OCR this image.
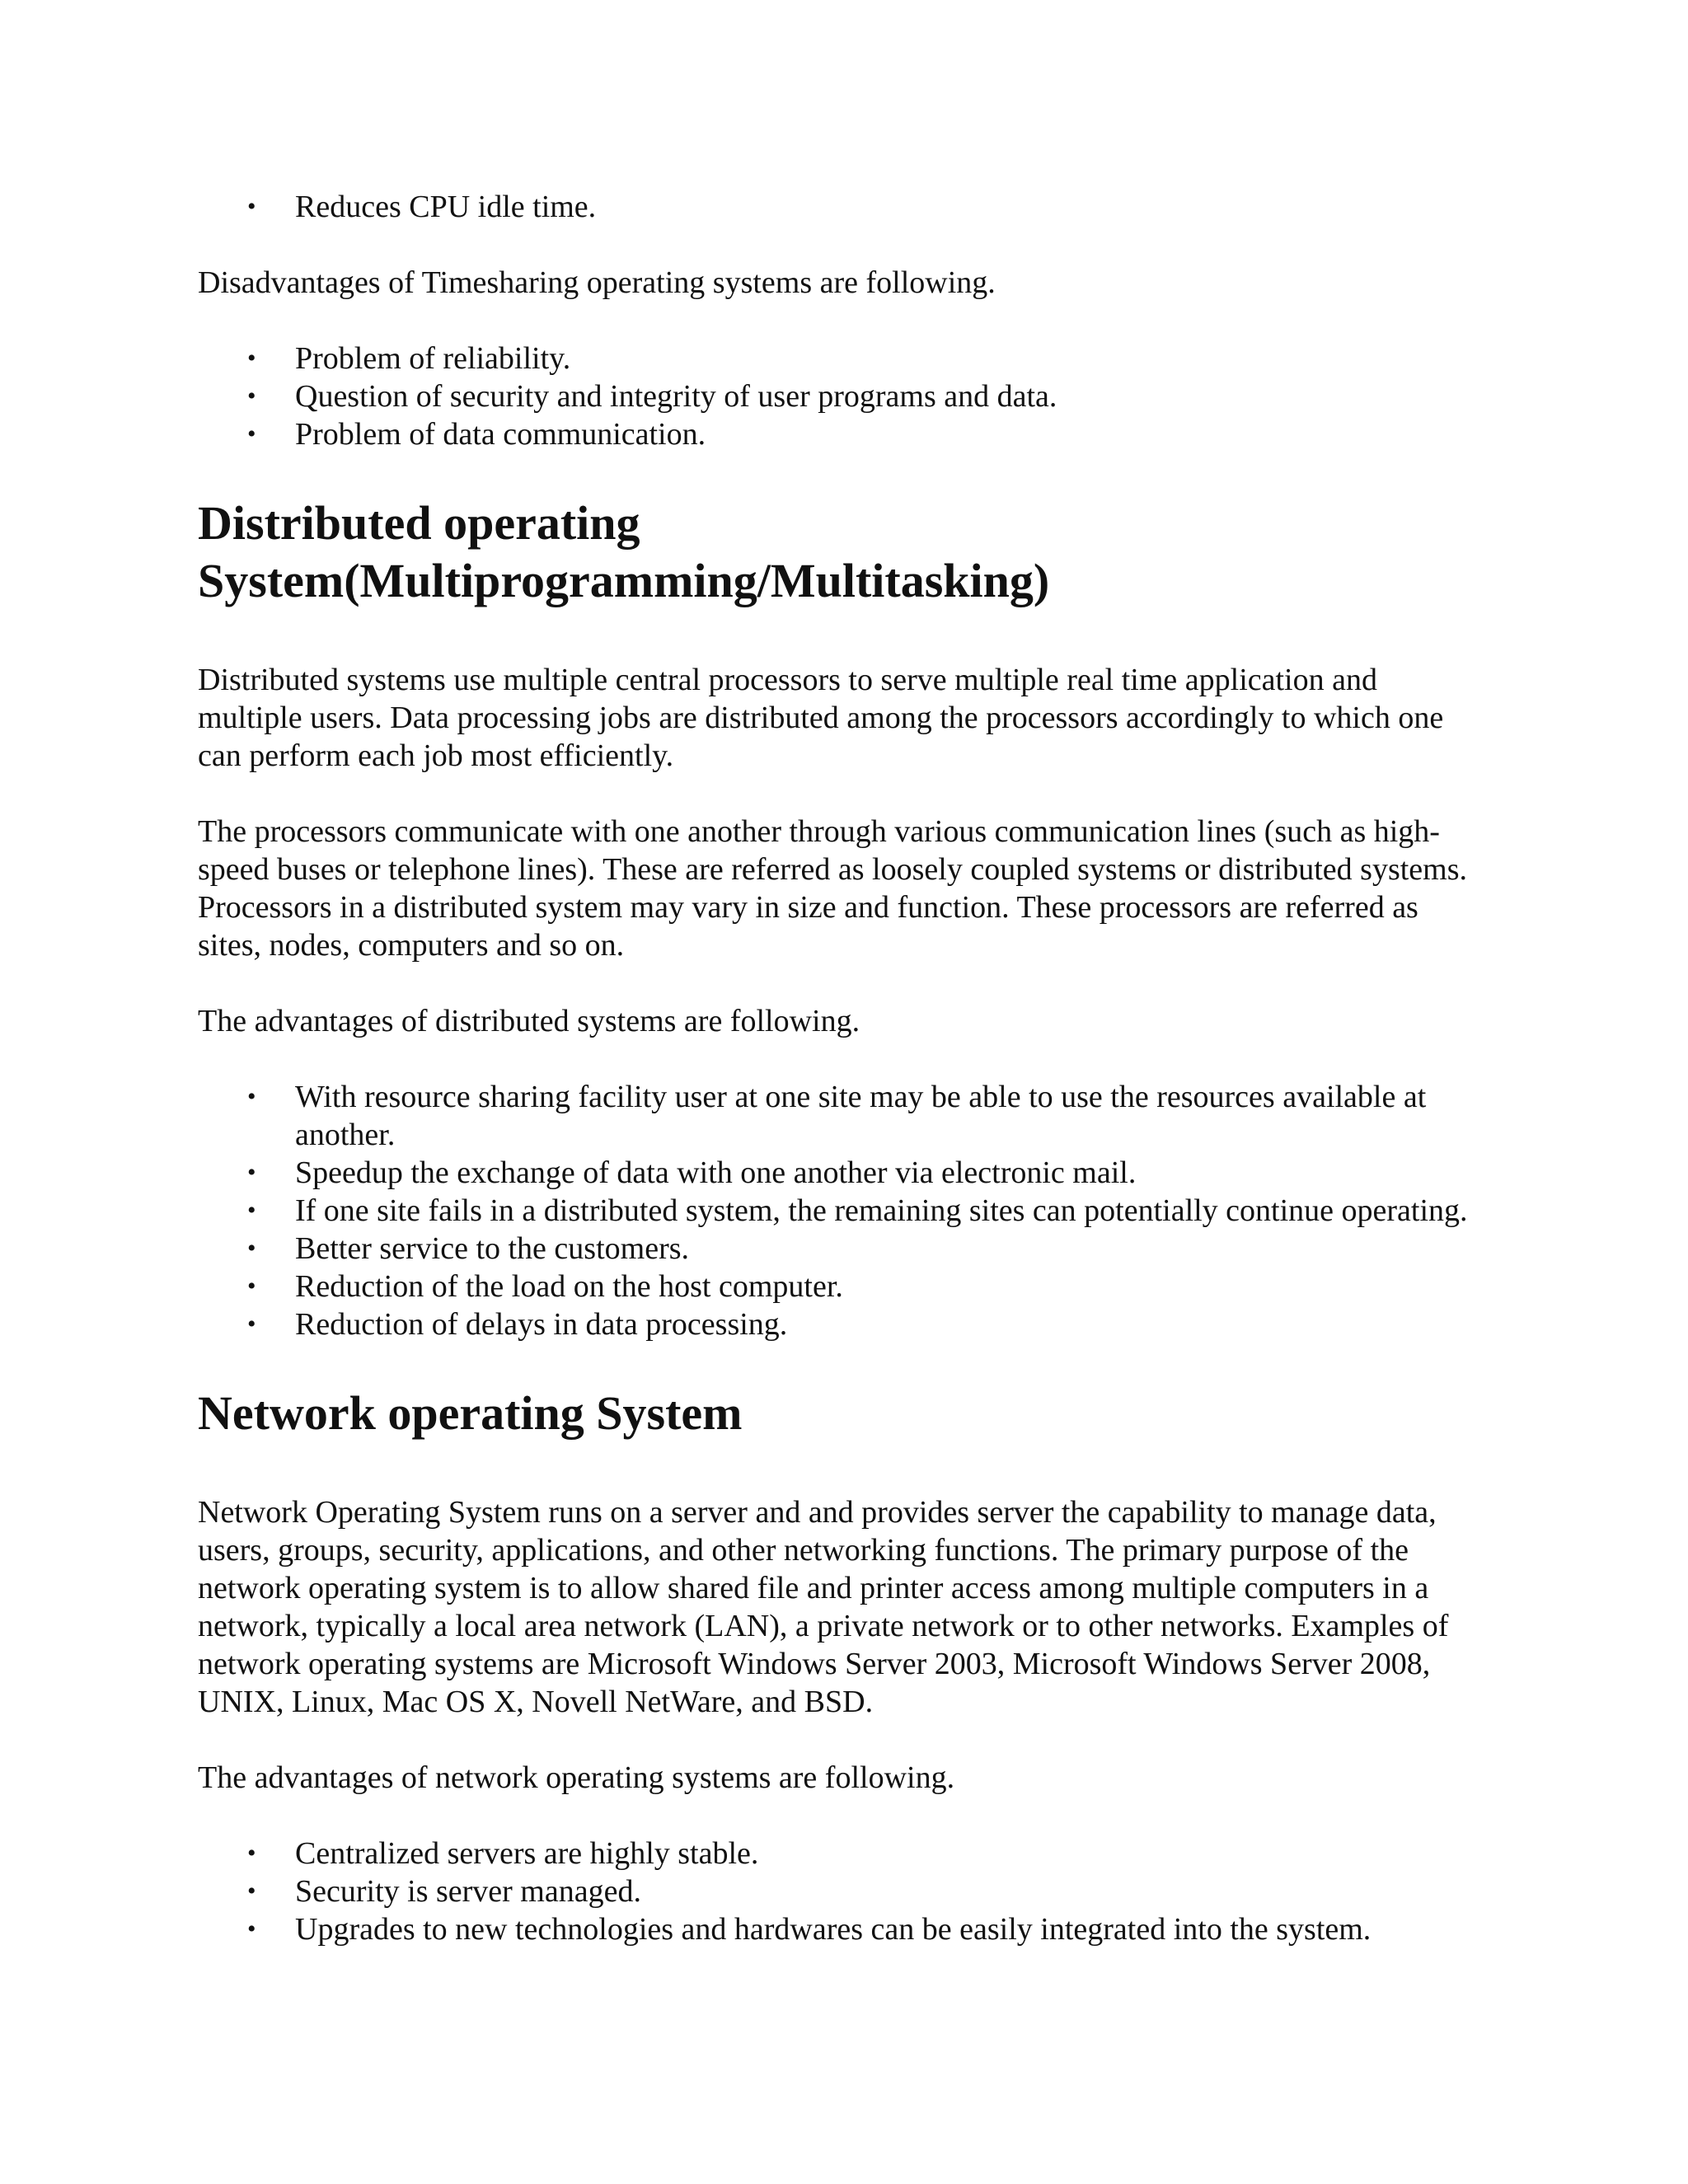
• Reduces CPU idle time.

Disadvantages of Timesharing operating systems are following.

• Problem of reliability.
• Question of security and integrity of user programs and data.
• Problem of data communication.
Distributed operating System(Multiprogramming/Multitasking)

Distributed systems use multiple central processors to serve multiple real time application and multiple users. Data processing jobs are distributed among the processors accordingly to which one can perform each job most efficiently.

The processors communicate with one another through various communication lines (such as high-speed buses or telephone lines). These are referred as loosely coupled systems or distributed systems. Processors in a distributed system may vary in size and function. These processors are referred as sites, nodes, computers and so on.

The advantages of distributed systems are following.

• With resource sharing facility user at one site may be able to use the resources available at another.
• Speedup the exchange of data with one another via electronic mail.
• If one site fails in a distributed system, the remaining sites can potentially continue operating.
• Better service to the customers.
• Reduction of the load on the host computer.
• Reduction of delays in data processing.
Network operating System

Network Operating System runs on a server and and provides server the capability to manage data, users, groups, security, applications, and other networking functions. The primary purpose of the network operating system is to allow shared file and printer access among multiple computers in a network, typically a local area network (LAN), a private network or to other networks. Examples of network operating systems are Microsoft Windows Server 2003, Microsoft Windows Server 2008, UNIX, Linux, Mac OS X, Novell NetWare, and BSD.

The advantages of network operating systems are following.

• Centralized servers are highly stable.
• Security is server managed.
• Upgrades to new technologies and hardwares can be easily integrated into the system.
